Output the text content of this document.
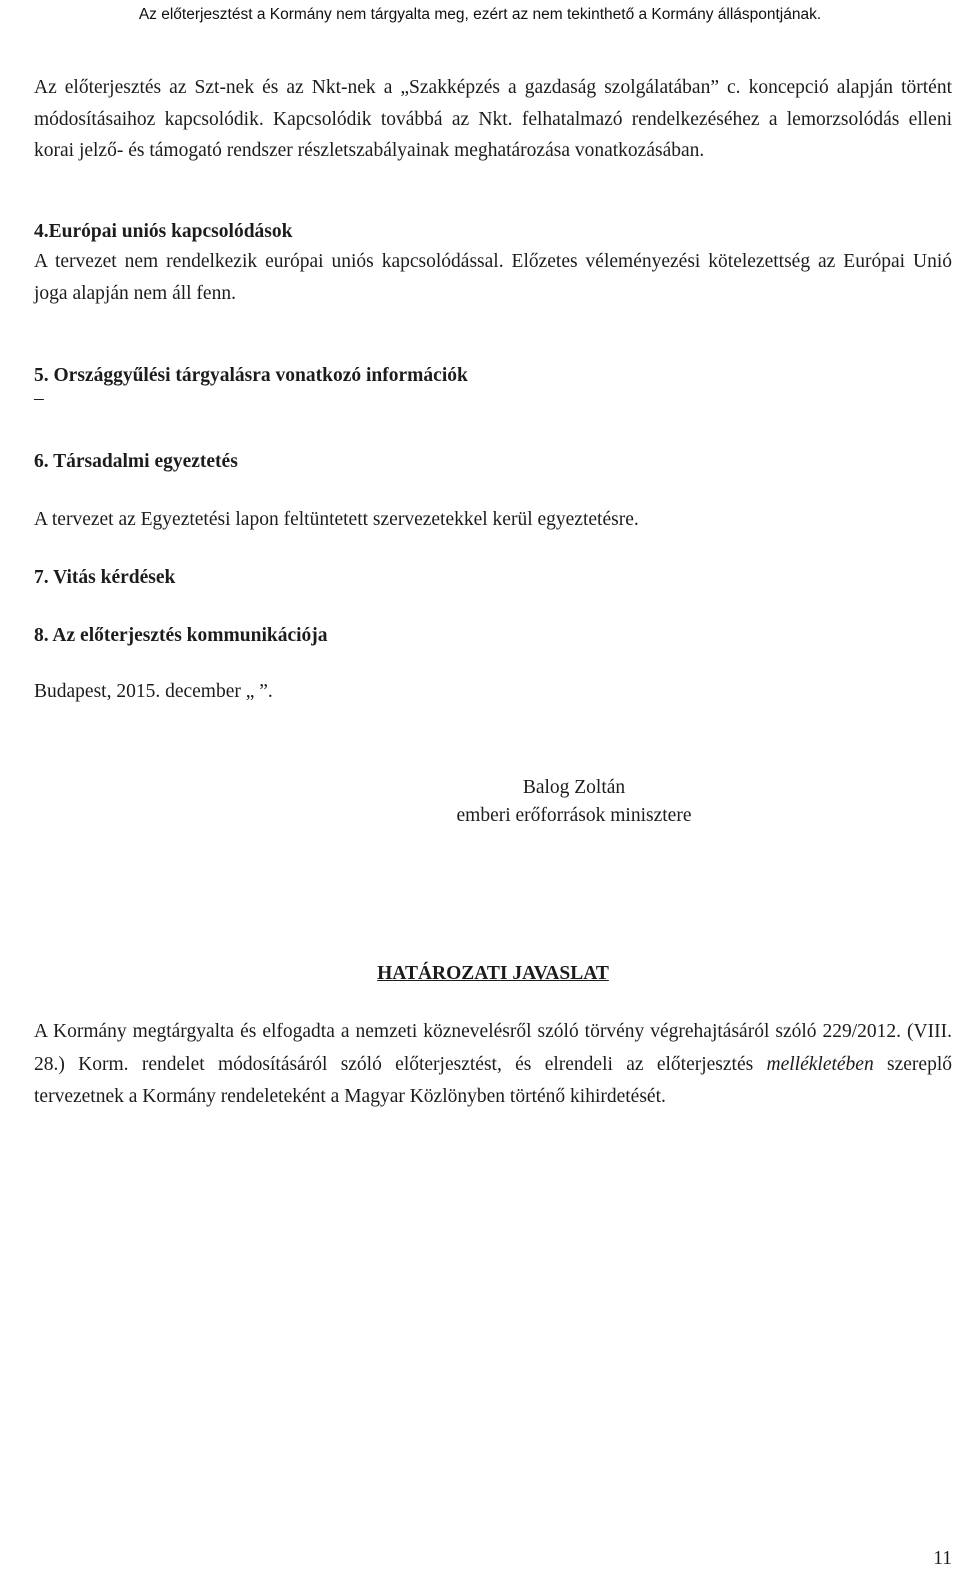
Az előterjesztést a Kormány nem tárgyalta meg, ezért az nem tekinthető a Kormány álláspontjának.
Az előterjesztés az Szt-nek és az Nkt-nek a „Szakképzés a gazdaság szolgálatában” c. koncepció alapján történt módosításaihoz kapcsolódik. Kapcsolódik továbbá az Nkt. felhatalmazó rendelkezéséhez a lemorzsolódás elleni korai jelző- és támogató rendszer részletszabályainak meghatározása vonatkozásában.
4.Európai uniós kapcsolódások
A tervezet nem rendelkezik európai uniós kapcsolódással. Előzetes véleményezési kötelezettség az Európai Unió joga alapján nem áll fenn.
5. Országgyűlési tárgyalásra vonatkozó információk
–
6. Társadalmi egyeztetés
A tervezet az Egyeztetési lapon feltüntetett szervezetekkel kerül egyeztetésre.
7. Vitás kérdések
8. Az előterjesztés kommunikációja
Budapest, 2015. december „ ”.
Balog Zoltán
emberi erőforrások minisztere
HATÁROZATI JAVASLAT
A Kormány megtárgyalta és elfogadta a nemzeti köznevelésről szóló törvény végrehajtásáról szóló 229/2012. (VIII. 28.) Korm. rendelet módosításáról szóló előterjesztést, és elrendeli az előterjesztés mellékletében szereplő tervezetnek a Kormány rendeleteként a Magyar Közlönyben történő kihirdetését.
11
